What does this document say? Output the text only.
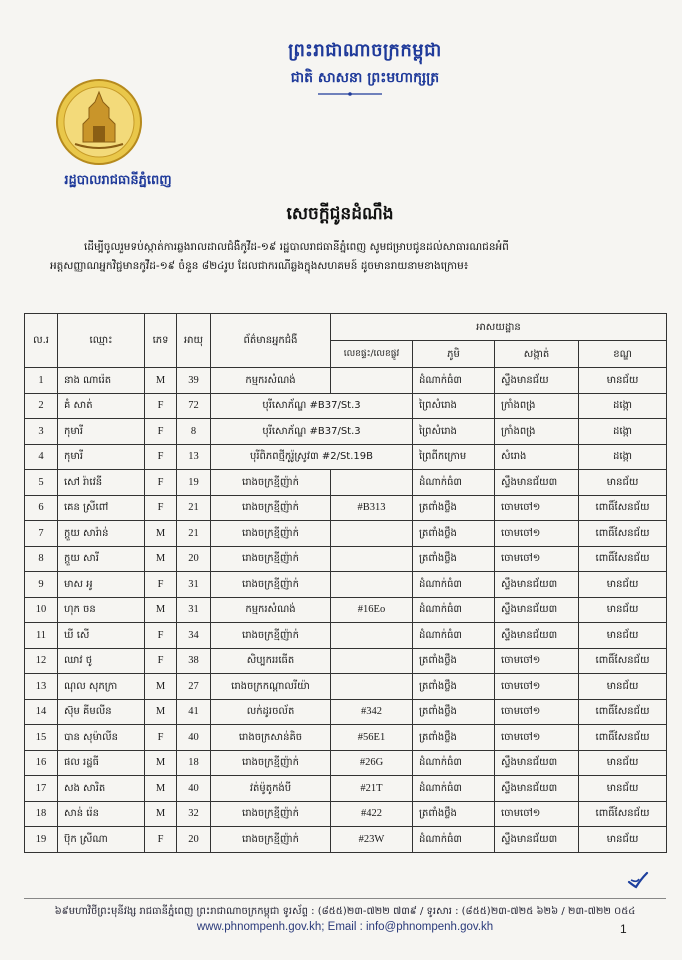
ព្រះរាជាណាចក្រកម្ពុជា
ជាតិ សាសនា ព្រះមហាក្សត្រ
រដ្ឋបាលរាជធានីភ្នំពេញ
សេចក្ដីជូនដំណឹង
ដើម្បីចូលរួមទប់ស្កាត់ការឆ្លងរាលដាលជំងឺកូវីដ-១៩ រដ្ឋបាលរាជធានីភ្នំពេញ សូមជម្រាបជូនដល់សាធារណជនអំពី
អត្តសញ្ញាណអ្នកវិជ្ជមានកូវីដ-១៩ ចំនួន ៨២៤រូប ដែលជាករណីឆ្លងក្នុងសហគមន៍ ដូចមានរាយនាមខាងក្រោម៖
ល.រ	ឈ្មោះ	ភេទ	អាយុ	ព័ត៌មានអ្នកជំងឺ	អាសយដ្ឋាន			
					លេខផ្ទះ/លេខផ្លូវ	ភូមិ	សង្កាត់	ខណ្ឌ
1	នាង ណារ៉េត	M	39	កម្មករសំណង់		ដំណាក់ធំ៣	ស្ទឹងមានជ័យ	មានជ័យ
2	គំ សាត់	F	72	បុរីសោភ័ណ្ឌ #B37/St.3		ព្រៃសំរោង	ក្រាំងពង្រ	ដង្កោ
3	កុមារី	F	8	បុរីសោភ័ណ្ឌ #B37/St.3		ព្រៃសំរោង	ក្រាំងពង្រ	ដង្កោ
4	កុមារី	F	13	បុរីពិភពថ្មីកូរ៉ូស្រូវ៣ #2/St.19B		ព្រៃពីកក្រោម	សំរោង	ដង្កោ
5	សៅ រ៉ាវេនី	F	19	រោងចក្រខ្មីញ៉ាក់		ដំណាក់ធំ៣	ស្ទឹងមានជ័យ៣	មានជ័យ
6	គេន ស្រីពៅ	F	21	រោងចក្រខ្មីញ៉ាក់	#B313	ត្រពាំងថ្លឹង	ចោមចៅ១	ពោធិ៍សែនជ័យ
7	ក្ដួយ សារ៉ាន់	M	21	រោងចក្រខ្មីញ៉ាក់		ត្រពាំងថ្លឹង	ចោមចៅ១	ពោធិ៍សែនជ័យ
8	ក្ដួយ សារី	M	20	រោងចក្រខ្មីញ៉ាក់		ត្រពាំងថ្លឹង	ចោមចៅ១	ពោធិ៍សែនជ័យ
9	មាស អូ	F	31	រោងចក្រខ្មីញ៉ាក់		ដំណាក់ធំ៣	ស្ទឹងមានជ័យ៣	មានជ័យ
10	ហុក ចន	M	31	កម្មករសំណង់	#16Eo	ដំណាក់ធំ៣	ស្ទឹងមានជ័យ៣	មានជ័យ
11	ឃី សើ	F	34	រោងចក្រខ្មីញ៉ាក់		ដំណាក់ធំ៣	ស្ទឹងមានជ័យ៣	មានជ័យ
12	ឈាវ ថូ	F	38	សិប្បកររធើត		ត្រពាំងថ្លឹង	ចោមចៅ១	ពោធិ៍សែនជ័យ
13	ណុល សុភក្រា	M	27	រោងចក្រកណ្ដាលរីយ៉ា		ត្រពាំងថ្លឹង	ចោមចៅ១	មានជ័យ
14	ស៊ុម គីមលីន	M	41	លក់ដូរចល័ត	#342	ត្រពាំងថ្លឹង	ចោមចៅ១	ពោធិ៍សែនជ័យ
15	បាន សុម៉ាលីន	F	40	រោងចក្រសាន់គិច	#56E1	ត្រពាំងថ្លឹង	ចោមចៅ១	ពោធិ៍សែនជ័យ
16	ផល រដ្ឋធី	M	18	រោងចក្រខ្មីញ៉ាក់	#26G	ដំណាក់ធំ៣	ស្ទឹងមានជ័យ៣	មានជ័យ
17	សង សារិត	M	40	វត់ម៉ូតូកង់បី	#21T	ដំណាក់ធំ៣	ស្ទឹងមានជ័យ៣	មានជ័យ
18	សាន់ រ៉េន	M	32	រោងចក្រខ្មីញ៉ាក់	#422	ត្រពាំងថ្លឹង	ចោមចៅ១	ពោធិ៍សែនជ័យ
19	ប៊ុក ស្រីណា	F	20	រោងចក្រខ្មីញ៉ាក់	#23W	ដំណាក់ធំ៣	ស្ទឹងមានជ័យ៣	មានជ័យ
៦៩មហាវិថីព្រះមុនីវង្ស រាជធានីភ្នំពេញ ព្រះរាជាណាចក្រកម្ពុជា ទូរស័ព្ទ : (៨៥៥)២៣-៧២២ ៧៣៩ / ទូរសារ : (៨៥៥)២៣-៧២៥ ៦២៦ / ២៣-៧២២ ០៥៤
www.phnompenh.gov.kh; Email : info@phnompenh.gov.kh	1
